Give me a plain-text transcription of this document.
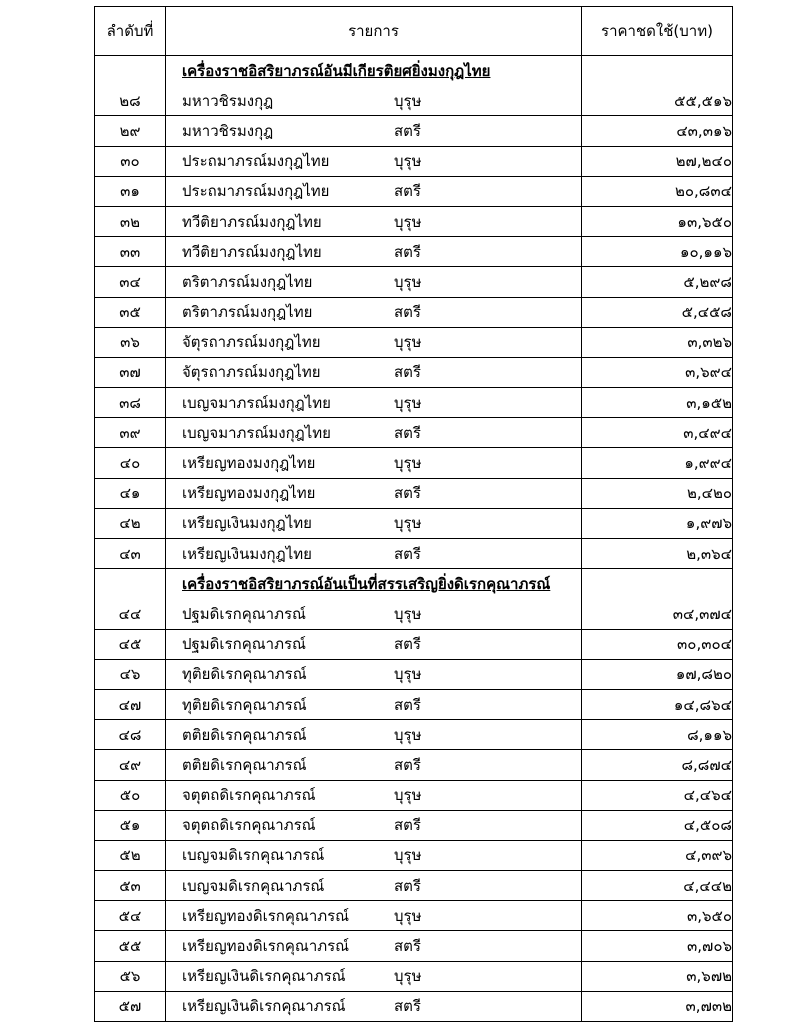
ลำดับที่	รายการ	ราคาชดใช้(บาท)

	เครื่องราชอิสริยาภรณ์อันมีเกียรติยศยิ่งมงกุฎไทย	

๒๘	มหาวชิรมงกุฎ บุรุษ	๕๕,๕๑๖
๒๙	มหาวชิรมงกุฎ สตรี	๔๓,๓๑๖
๓๐	ประถมาภรณ์มงกุฎไทย บุรุษ	๒๗,๒๔๐
๓๑	ประถมาภรณ์มงกุฎไทย สตรี	๒๐,๘๓๔
๓๒	ทวีติยาภรณ์มงกุฎไทย บุรุษ	๑๓,๖๕๐
๓๓	ทวีติยาภรณ์มงกุฎไทย สตรี	๑๐,๑๑๖
๓๔	ตริตาภรณ์มงกุฎไทย บุรุษ	๕,๒๙๘
๓๕	ตริตาภรณ์มงกุฎไทย สตรี	๕,๔๕๘
๓๖	จัตุรถาภรณ์มงกุฎไทย บุรุษ	๓,๓๒๖
๓๗	จัตุรถาภรณ์มงกุฎไทย สตรี	๓,๖๙๔
๓๘	เบญจมาภรณ์มงกุฎไทย บุรุษ	๓,๑๕๒
๓๙	เบญจมาภรณ์มงกุฎไทย สตรี	๓,๔๙๔
๔๐	เหรียญทองมงกุฎไทย บุรุษ	๑,๙๙๔
๔๑	เหรียญทองมงกุฎไทย สตรี	๒,๔๒๐
๔๒	เหรียญเงินมงกุฎไทย บุรุษ	๑,๙๗๖
๔๓	เหรียญเงินมงกุฎไทย สตรี	๒,๓๖๔

	เครื่องราชอิสริยาภรณ์อันเป็นที่สรรเสริญยิ่งดิเรกคุณาภรณ์	

๔๔	ปฐมดิเรกคุณาภรณ์ บุรุษ	๓๔,๓๗๔
๔๕	ปฐมดิเรกคุณาภรณ์ สตรี	๓๐,๓๐๔
๔๖	ทุติยดิเรกคุณาภรณ์ บุรุษ	๑๗,๘๒๐
๔๗	ทุติยดิเรกคุณาภรณ์ สตรี	๑๔,๘๖๔
๔๘	ตติยดิเรกคุณาภรณ์ บุรุษ	๘,๑๑๖
๔๙	ตติยดิเรกคุณาภรณ์ สตรี	๘,๘๗๔
๕๐	จตุตถดิเรกคุณาภรณ์ บุรุษ	๔,๔๖๔
๕๑	จตุตถดิเรกคุณาภรณ์ สตรี	๔,๕๐๘
๕๒	เบญจมดิเรกคุณาภรณ์ บุรุษ	๔,๓๙๖
๕๓	เบญจมดิเรกคุณาภรณ์ สตรี	๔,๔๔๒
๕๔	เหรียญทองดิเรกคุณาภรณ์ บุรุษ	๓,๖๕๐
๕๕	เหรียญทองดิเรกคุณาภรณ์ สตรี	๓,๗๐๖
๕๖	เหรียญเงินดิเรกคุณาภรณ์ บุรุษ	๓,๖๗๒
๕๗	เหรียญเงินดิเรกคุณาภรณ์ สตรี	๓,๗๓๒
